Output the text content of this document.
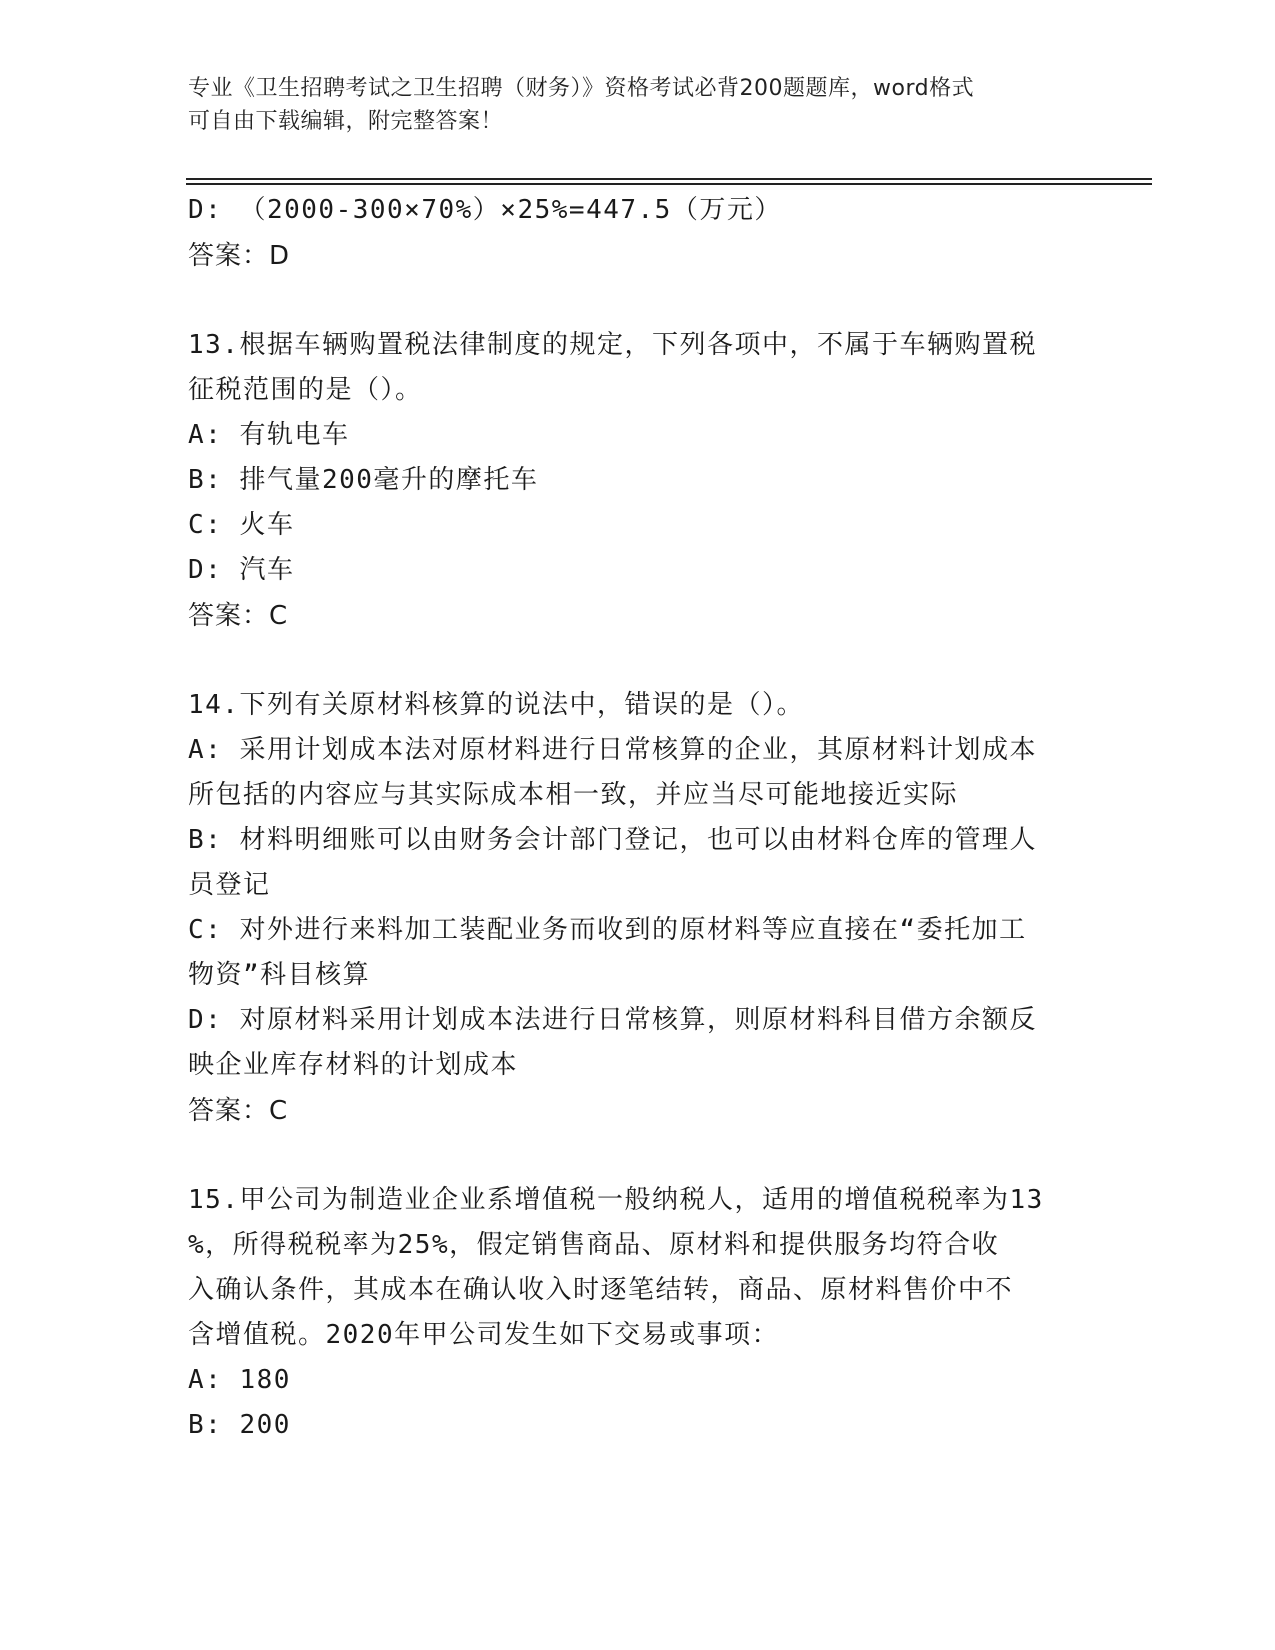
专业《卫生招聘考试之卫生招聘（财务）》资格考试必背200题题库，word格式
可自由下载编辑，附完整答案！
D: （2000-300×70%）×25%=447.5（万元）
答案：D
13.根据车辆购置税法律制度的规定，下列各项中，不属于车辆购置税
征税范围的是（）。
A: 有轨电车
B: 排气量200毫升的摩托车
C: 火车
D: 汽车
答案：C
14.下列有关原材料核算的说法中，错误的是（）。
A: 采用计划成本法对原材料进行日常核算的企业，其原材料计划成本
所包括的内容应与其实际成本相一致，并应当尽可能地接近实际
B: 材料明细账可以由财务会计部门登记，也可以由材料仓库的管理人
员登记
C: 对外进行来料加工装配业务而收到的原材料等应直接在“委托加工
物资”科目核算
D: 对原材料采用计划成本法进行日常核算，则原材料科目借方余额反
映企业库存材料的计划成本
答案：C
15.甲公司为制造业企业系增值税一般纳税人，适用的增值税税率为13
%，所得税税率为25%，假定销售商品、原材料和提供服务均符合收
入确认条件，其成本在确认收入时逐笔结转，商品、原材料售价中不
含增值税。2020年甲公司发生如下交易或事项：
A: 180
B: 200
